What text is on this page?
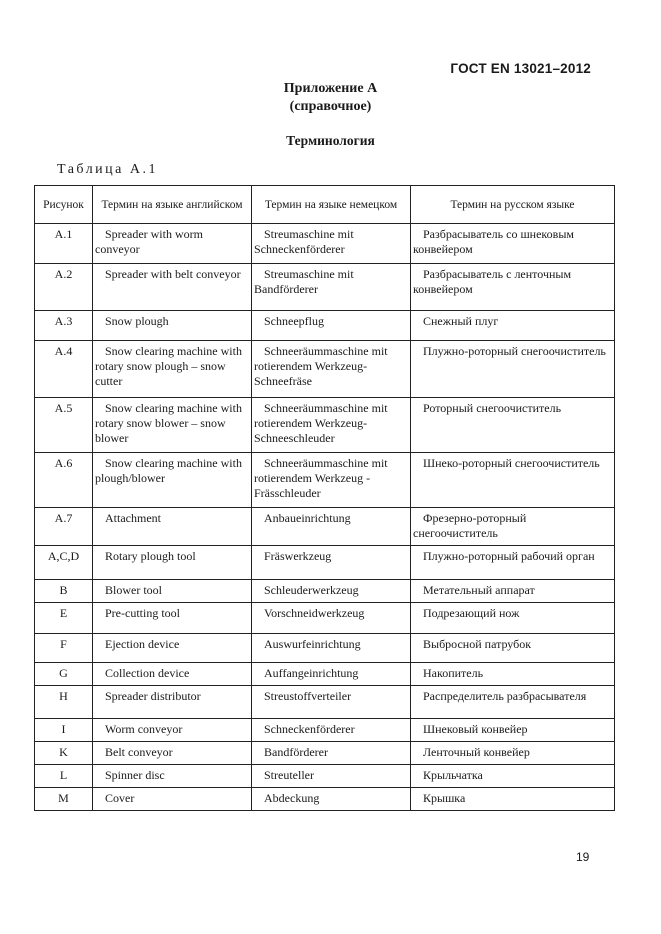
ГОСТ EN 13021–2012
Приложение А
(справочное)
Терминология
Таблица А.1
Рисунок	Термин на языке английском	Термин на языке немецком	Термин на русском языке
A.1	Spreader with worm conveyor	Streumaschine mit Schneckenförderer	Разбрасыватель со шнековым конвейером
A.2	Spreader with belt conveyor	Streumaschine mit Bandförderer	Разбрасыватель с ленточным конвейером
A.3	Snow plough	Schneepflug	Снежный плуг
A.4	Snow clearing machine with rotary snow plough – snow cutter	Schneeräummaschine mit rotierendem Werkzeug-Schneefräse	Плужно-роторный снегоочиститель
A.5	Snow clearing machine with rotary snow blower – snow blower	Schneeräummaschine mit rotierendem Werkzeug-Schneeschleuder	Роторный снегоочиститель
A.6	Snow clearing machine with plough/blower	Schneeräummaschine mit rotierendem Werkzeug - Frässchleuder	Шнеко-роторный снегоочиститель
A.7	Attachment	Anbaueinrichtung	Фрезерно-роторный снегоочиститель
A,C,D	Rotary plough tool	Fräswerkzeug	Плужно-роторный рабочий орган
B	Blower tool	Schleuderwerkzeug	Метательный аппарат
E	Pre-cutting tool	Vorschneidwerkzeug	Подрезающий нож
F	Ejection device	Auswurfeinrichtung	Выбросной патрубок
G	Collection device	Auffangeinrichtung	Накопитель
H	Spreader distributor	Streustoffverteiler	Распределитель разбрасывателя
I	Worm conveyor	Schneckenförderer	Шнековый конвейер
K	Belt conveyor	Bandförderer	Ленточный конвейер
L	Spinner disc	Streuteller	Крыльчатка
M	Cover	Abdeckung	Крышка
19
